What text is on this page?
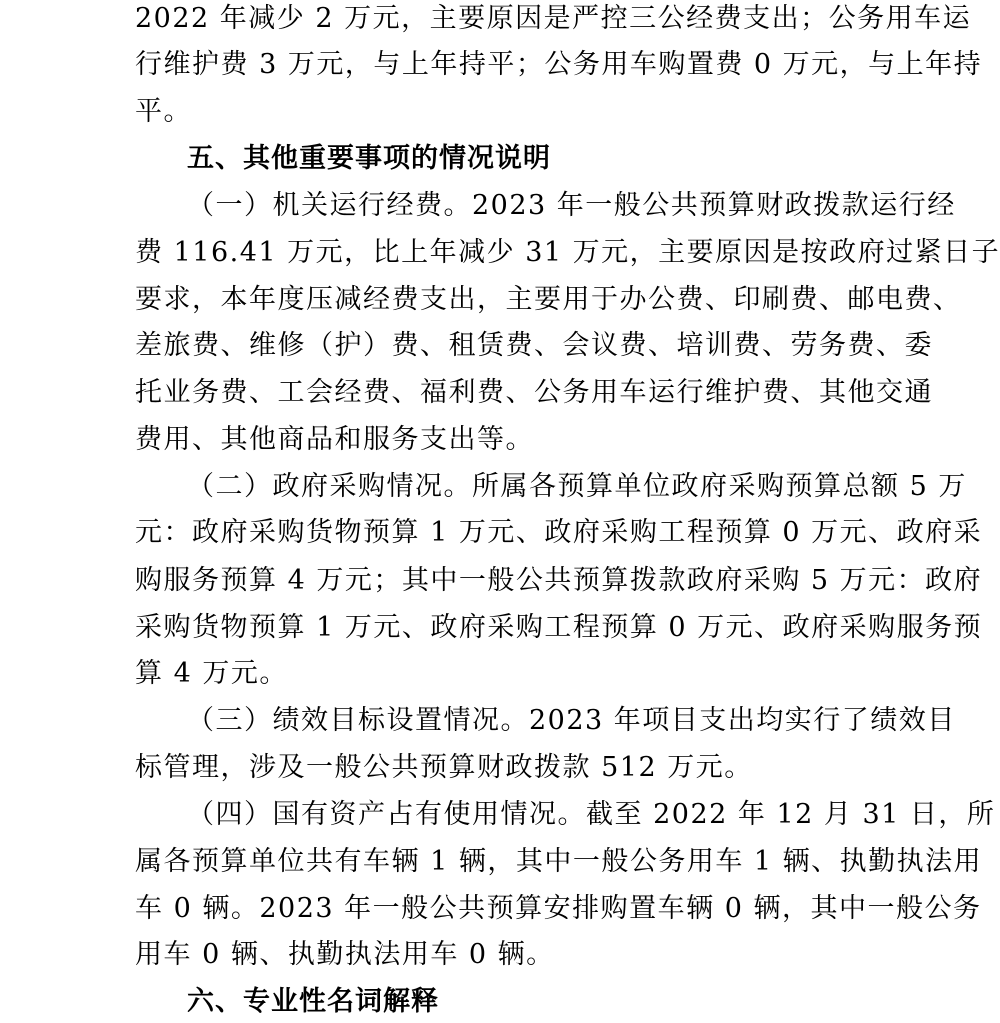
2022 年减少 2 万元，主要原因是严控三公经费支出；公务用车运
行维护费 3 万元，与上年持平；公务用车购置费 0 万元，与上年持
平。
五、其他重要事项的情况说明
（一）机关运行经费。2023 年一般公共预算财政拨款运行经
费 116.41 万元，比上年减少 31 万元，主要原因是按政府过紧日子
要求，本年度压减经费支出，主要用于办公费、印刷费、邮电费、
差旅费、维修（护）费、租赁费、会议费、培训费、劳务费、委
托业务费、工会经费、福利费、公务用车运行维护费、其他交通
费用、其他商品和服务支出等。
（二）政府采购情况。所属各预算单位政府采购预算总额 5 万
元：政府采购货物预算 1 万元、政府采购工程预算 0 万元、政府采
购服务预算 4 万元；其中一般公共预算拨款政府采购 5 万元：政府
采购货物预算 1 万元、政府采购工程预算 0 万元、政府采购服务预
算 4 万元。
（三）绩效目标设置情况。2023 年项目支出均实行了绩效目
标管理，涉及一般公共预算财政拨款 512 万元。
（四）国有资产占有使用情况。截至 2022 年 12 月 31 日，所
属各预算单位共有车辆 1 辆，其中一般公务用车 1 辆、执勤执法用
车 0 辆。2023 年一般公共预算安排购置车辆 0 辆，其中一般公务
用车 0 辆、执勤执法用车 0 辆。
六、专业性名词解释
